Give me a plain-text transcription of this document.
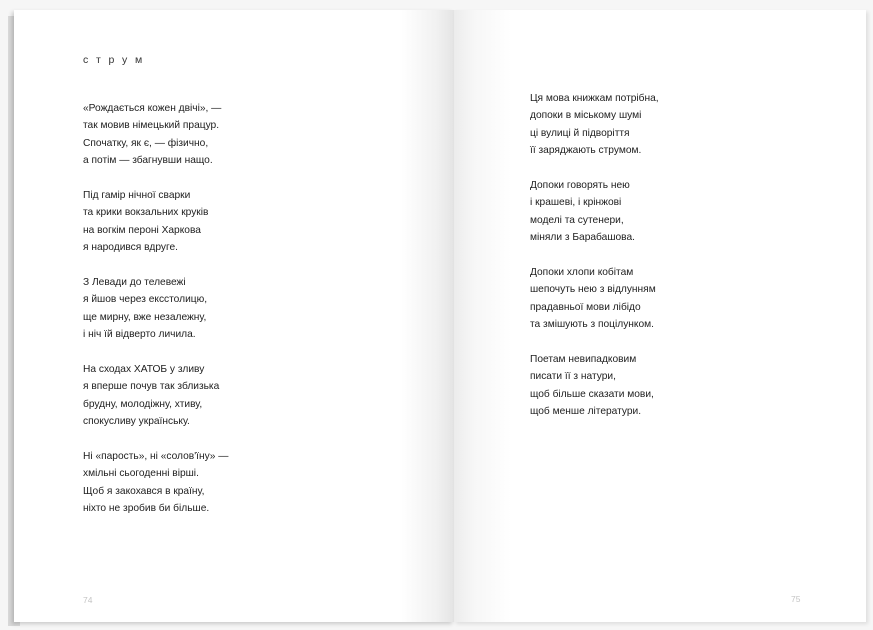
с т р у м
«Рождається кожен двічі», —
так мовив німецький працур.
Спочатку, як є, — фізично,
а потім — збагнувши нащо.
Під гамір нічної сварки
та крики вокзальних круків
на вогкім пероні Харкова
я народився вдруге.
З Левади до телевежі
я йшов через ексстолицю,
ще мирну, вже незалежну,
і ніч їй відверто личила.
На сходах ХАТОБ у зливу
я вперше почув так зблизька
брудну, молодіжну, хтиву,
спокусливу українську.
Ні «парость», ні «солов'їну» —
хмільні сьогоденні вірші.
Щоб я закохався в країну,
ніхто не зробив би більше.
74
Ця мова книжкам потрібна,
допоки в міському шумі
ці вулиці й підворіття
її заряджають струмом.
Допоки говорять нею
і крашеві, і крінжові
моделі та сутенери,
міняли з Барабашова.
Допоки хлопи кобітам
шепочуть нею з відлунням
прадавньої мови лібідо
та змішують з поцілунком.
Поетам невипадковим
писати її з натури,
щоб більше сказати мови,
щоб менше літератури.
75
